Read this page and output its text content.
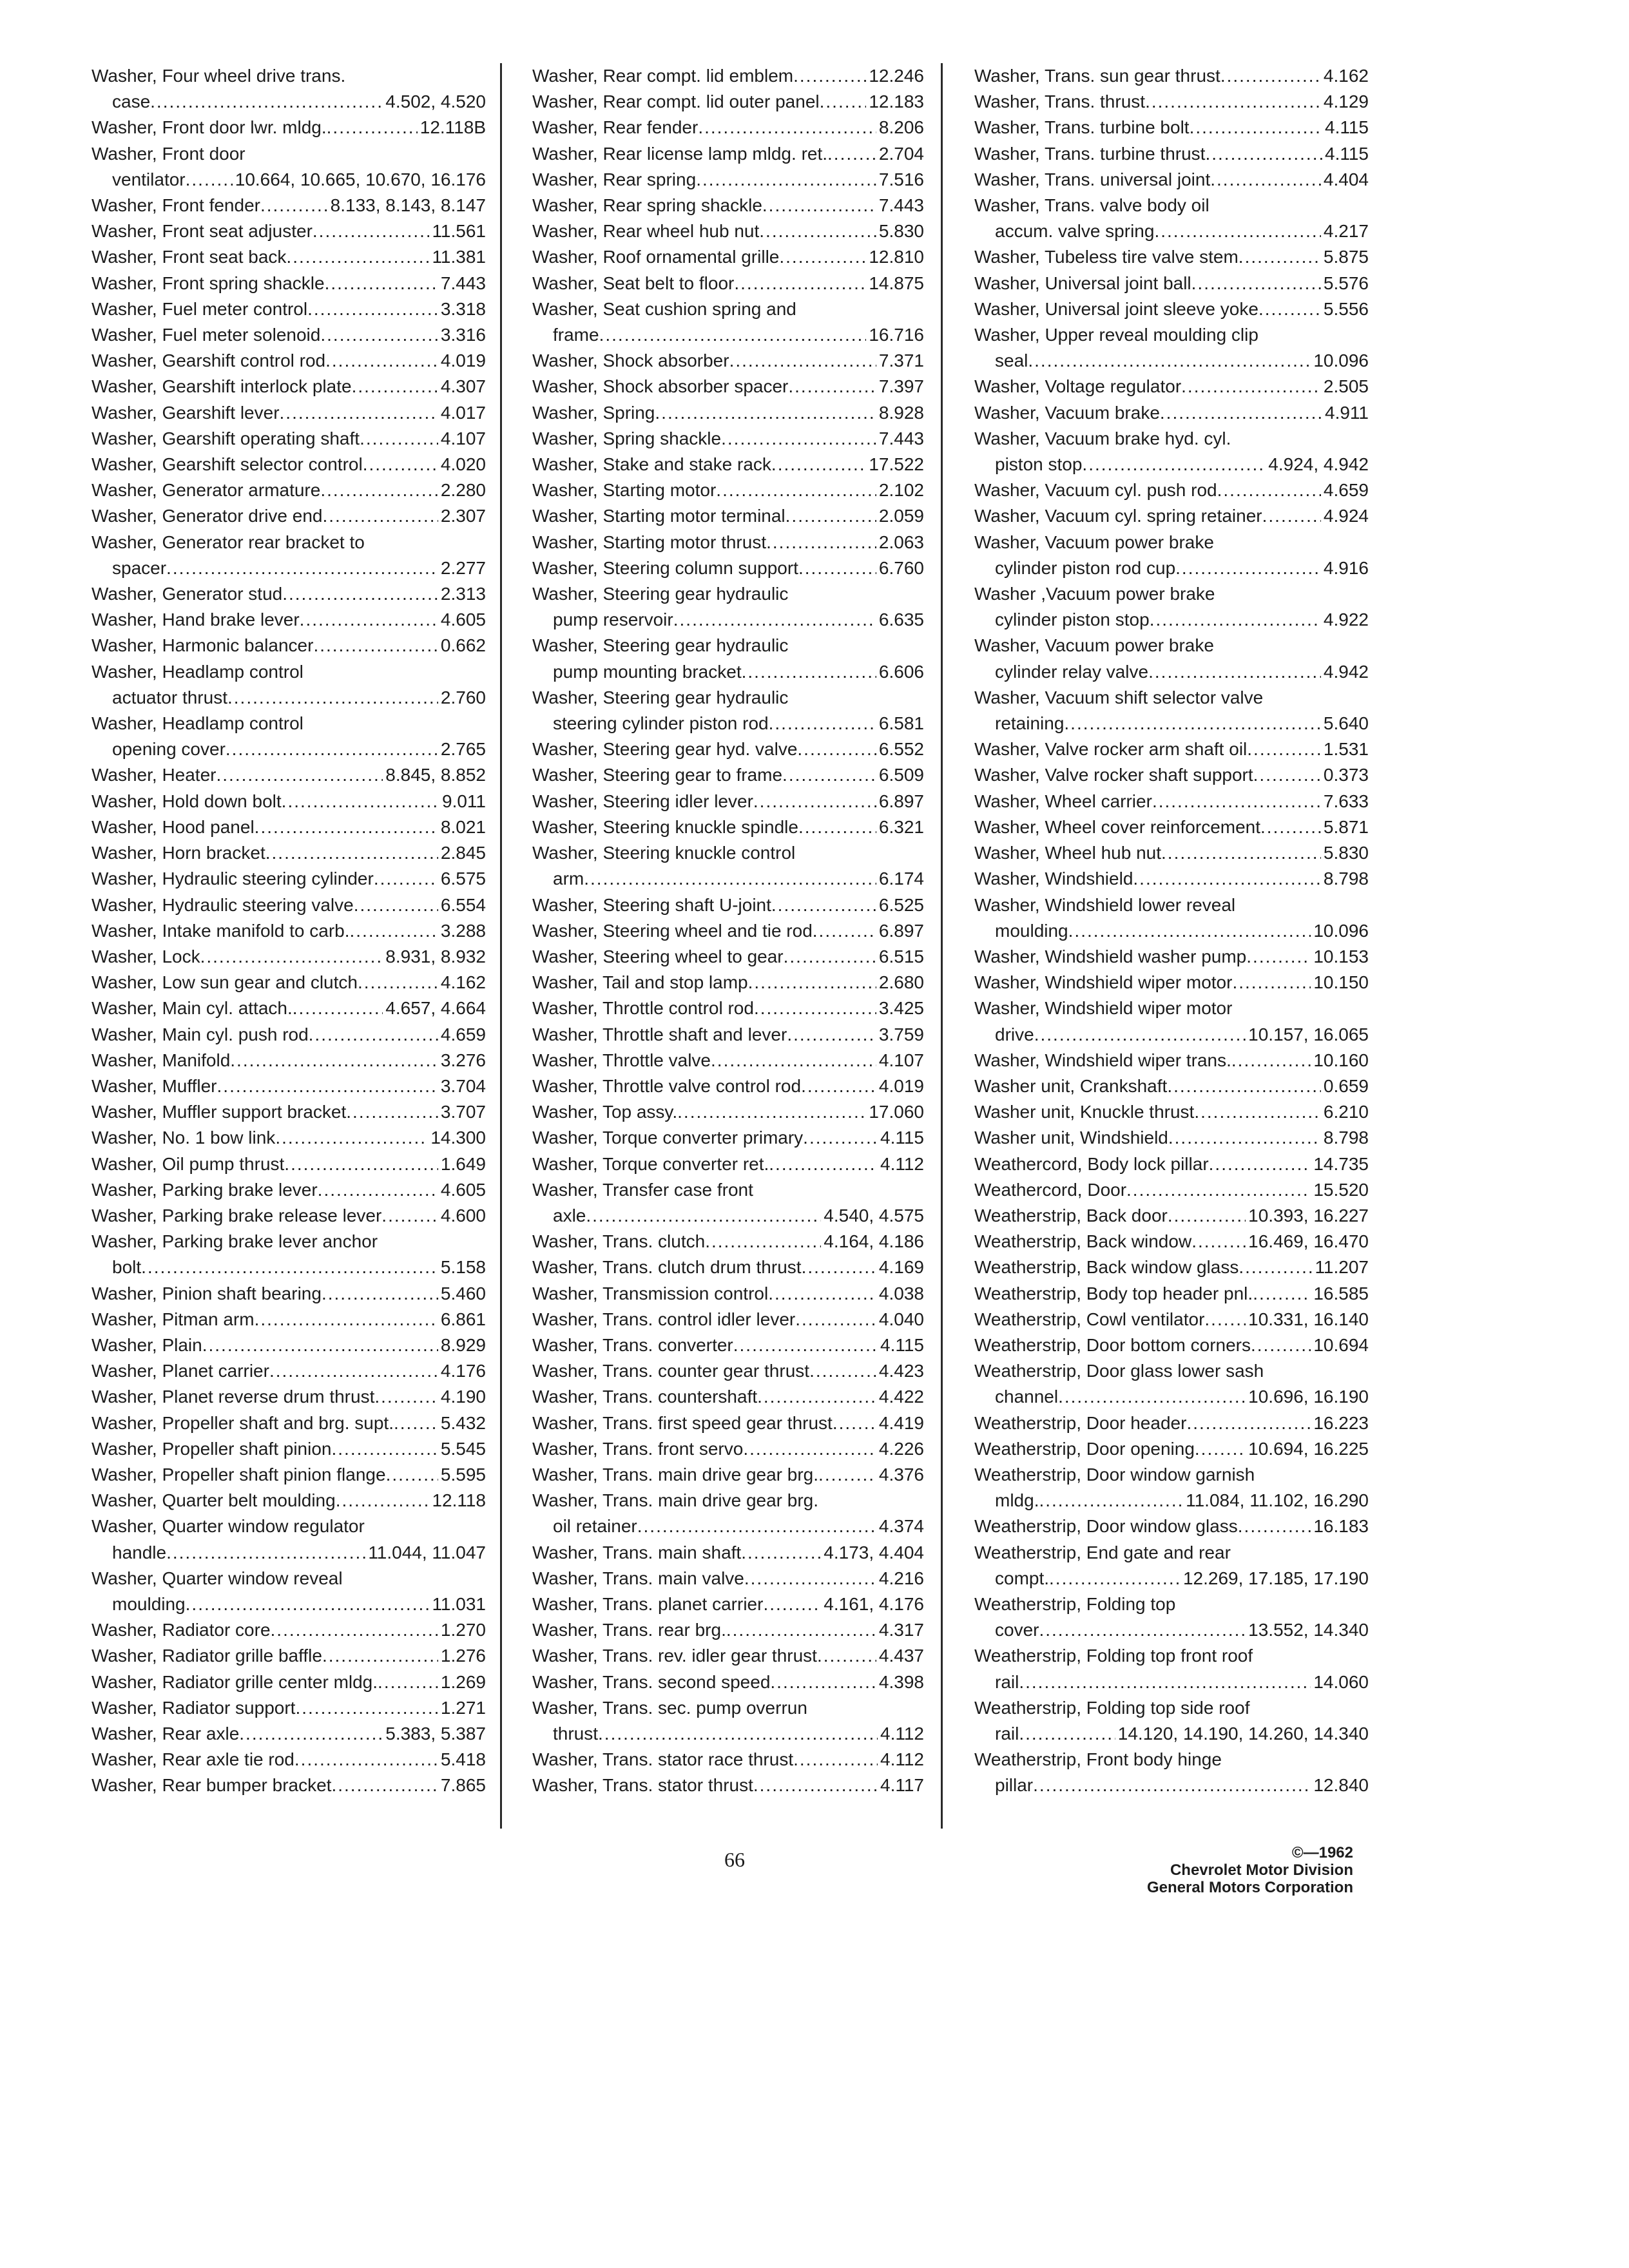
Washer, Four wheel drive trans.
case .....	4.502, 4.520
Washer, Front door lwr. mldg. .....	12.118B
Washer, Front door
ventilator .....	10.664, 10.665, 10.670, 16.176
Washer, Front fender .....	8.133, 8.143, 8.147
Washer, Front seat adjuster .....	11.561
Washer, Front seat back .....	11.381
Washer, Front spring shackle .....	7.443
Washer, Fuel meter control .....	3.318
Washer, Fuel meter solenoid .....	3.316
Washer, Gearshift control rod .....	4.019
Washer, Gearshift interlock plate .....	4.307
Washer, Gearshift lever .....	4.017
Washer, Gearshift operating shaft .....	4.107
Washer, Gearshift selector control .....	4.020
Washer, Generator armature .....	2.280
Washer, Generator drive end .....	2.307
Washer, Generator rear bracket to
spacer .....	2.277
Washer, Generator stud .....	2.313
Washer, Hand brake lever .....	4.605
Washer, Harmonic balancer .....	0.662
Washer, Headlamp control
actuator thrust .....	2.760
Washer, Headlamp control
opening cover .....	2.765
Washer, Heater .....	8.845, 8.852
Washer, Hold down bolt .....	9.011
Washer, Hood panel .....	8.021
Washer, Horn bracket .....	2.845
Washer, Hydraulic steering cylinder .....	6.575
Washer, Hydraulic steering valve .....	6.554
Washer, Intake manifold to carb. .....	3.288
Washer, Lock .....	8.931, 8.932
Washer, Low sun gear and clutch .....	4.162
Washer, Main cyl. attach. .....	4.657, 4.664
Washer, Main cyl. push rod .....	4.659
Washer, Manifold .....	3.276
Washer, Muffler .....	3.704
Washer, Muffler support bracket .....	3.707
Washer, No. 1 bow link .....	14.300
Washer, Oil pump thrust .....	1.649
Washer, Parking brake lever .....	4.605
Washer, Parking brake release lever .....	4.600
Washer, Parking brake lever anchor
bolt .....	5.158
Washer, Pinion shaft bearing .....	5.460
Washer, Pitman arm .....	6.861
Washer, Plain .....	8.929
Washer, Planet carrier .....	4.176
Washer, Planet reverse drum thrust .....	4.190
Washer, Propeller shaft and brg. supt. .....	5.432
Washer, Propeller shaft pinion .....	5.545
Washer, Propeller shaft pinion flange .....	5.595
Washer, Quarter belt moulding .....	12.118
Washer, Quarter window regulator
handle .....	11.044, 11.047
Washer, Quarter window reveal
moulding .....	11.031
Washer, Radiator core .....	1.270
Washer, Radiator grille baffle .....	1.276
Washer, Radiator grille center mldg. .....	1.269
Washer, Radiator support .....	1.271
Washer, Rear axle .....	5.383, 5.387
Washer, Rear axle tie rod .....	5.418
Washer, Rear bumper bracket .....	7.865
Washer, Rear compt. lid emblem .....	12.246
Washer, Rear compt. lid outer panel .....	12.183
Washer, Rear fender .....	8.206
Washer, Rear license lamp mldg. ret. .....	2.704
Washer, Rear spring .....	7.516
Washer, Rear spring shackle .....	7.443
Washer, Rear wheel hub nut .....	5.830
Washer, Roof ornamental grille .....	12.810
Washer, Seat belt to floor .....	14.875
Washer, Seat cushion spring and
frame .....	16.716
Washer, Shock absorber .....	7.371
Washer, Shock absorber spacer .....	7.397
Washer, Spring .....	8.928
Washer, Spring shackle .....	7.443
Washer, Stake and stake rack .....	17.522
Washer, Starting motor .....	2.102
Washer, Starting motor terminal .....	2.059
Washer, Starting motor thrust .....	2.063
Washer, Steering column support .....	6.760
Washer, Steering gear hydraulic
pump reservoir .....	6.635
Washer, Steering gear hydraulic
pump mounting bracket .....	6.606
Washer, Steering gear hydraulic
steering cylinder piston rod .....	6.581
Washer, Steering gear hyd. valve .....	6.552
Washer, Steering gear to frame .....	6.509
Washer, Steering idler lever .....	6.897
Washer, Steering knuckle spindle .....	6.321
Washer, Steering knuckle control
arm .....	6.174
Washer, Steering shaft U-joint .....	6.525
Washer, Steering wheel and tie rod .....	6.897
Washer, Steering wheel to gear .....	6.515
Washer, Tail and stop lamp .....	2.680
Washer, Throttle control rod .....	3.425
Washer, Throttle shaft and lever .....	3.759
Washer, Throttle valve .....	4.107
Washer, Throttle valve control rod .....	4.019
Washer, Top assy. .....	17.060
Washer, Torque converter primary .....	4.115
Washer, Torque converter ret. .....	4.112
Washer, Transfer case front
axle .....	4.540, 4.575
Washer, Trans. clutch .....	4.164, 4.186
Washer, Trans. clutch drum thrust .....	4.169
Washer, Transmission control .....	4.038
Washer, Trans. control idler lever .....	4.040
Washer, Trans. converter .....	4.115
Washer, Trans. counter gear thrust .....	4.423
Washer, Trans. countershaft .....	4.422
Washer, Trans. first speed gear thrust .....	4.419
Washer, Trans. front servo .....	4.226
Washer, Trans. main drive gear brg. .....	4.376
Washer, Trans. main drive gear brg.
oil retainer .....	4.374
Washer, Trans. main shaft .....	4.173, 4.404
Washer, Trans. main valve .....	4.216
Washer, Trans. planet carrier .....	4.161, 4.176
Washer, Trans. rear brg. .....	4.317
Washer, Trans. rev. idler gear thrust .....	4.437
Washer, Trans. second speed .....	4.398
Washer, Trans. sec. pump overrun
thrust .....	4.112
Washer, Trans. stator race thrust .....	4.112
Washer, Trans. stator thrust .....	4.117
Washer, Trans. sun gear thrust .....	4.162
Washer, Trans. thrust .....	4.129
Washer, Trans. turbine bolt .....	4.115
Washer, Trans. turbine thrust .....	4.115
Washer, Trans. universal joint .....	4.404
Washer, Trans. valve body oil
accum. valve spring .....	4.217
Washer, Tubeless tire valve stem .....	5.875
Washer, Universal joint ball .....	5.576
Washer, Universal joint sleeve yoke .....	5.556
Washer, Upper reveal moulding clip
seal .....	10.096
Washer, Voltage regulator .....	2.505
Washer, Vacuum brake .....	4.911
Washer, Vacuum brake hyd. cyl.
piston stop .....	4.924, 4.942
Washer, Vacuum cyl. push rod .....	4.659
Washer, Vacuum cyl. spring retainer .....	4.924
Washer, Vacuum power brake
cylinder piston rod cup .....	4.916
Washer ,Vacuum power brake
cylinder piston stop .....	4.922
Washer, Vacuum power brake
cylinder relay valve .....	4.942
Washer, Vacuum shift selector valve
retaining .....	5.640
Washer, Valve rocker arm shaft oil .....	1.531
Washer, Valve rocker shaft support .....	0.373
Washer, Wheel carrier .....	7.633
Washer, Wheel cover reinforcement .....	5.871
Washer, Wheel hub nut .....	5.830
Washer, Windshield .....	8.798
Washer, Windshield lower reveal
moulding .....	10.096
Washer, Windshield washer pump .....	10.153
Washer, Windshield wiper motor .....	10.150
Washer, Windshield wiper motor
drive .....	10.157, 16.065
Washer, Windshield wiper trans. .....	10.160
Washer unit, Crankshaft .....	0.659
Washer unit, Knuckle thrust .....	6.210
Washer unit, Windshield .....	8.798
Weathercord, Body lock pillar .....	14.735
Weathercord, Door .....	15.520
Weatherstrip, Back door .....	10.393, 16.227
Weatherstrip, Back window .....	16.469, 16.470
Weatherstrip, Back window glass .....	11.207
Weatherstrip, Body top header pnl. .....	16.585
Weatherstrip, Cowl ventilator ..... 10.331, 16.140
Weatherstrip, Door bottom corners .....	10.694
Weatherstrip, Door glass lower sash
channel .....	10.696, 16.190
Weatherstrip, Door header .....	16.223
Weatherstrip, Door opening .....	10.694, 16.225
Weatherstrip, Door window garnish
mldg. .....	11.084, 11.102, 16.290
Weatherstrip, Door window glass .....	16.183
Weatherstrip, End gate and rear
compt. .....	12.269, 17.185, 17.190
Weatherstrip, Folding top
cover .....	13.552, 14.340
Weatherstrip, Folding top front roof
rail .....	14.060
Weatherstrip, Folding top side roof
rail .....	14.120, 14.190, 14.260, 14.340
Weatherstrip, Front body hinge
pillar .....	12.840
66	©—1962
Chevrolet Motor Division
General Motors Corporation
